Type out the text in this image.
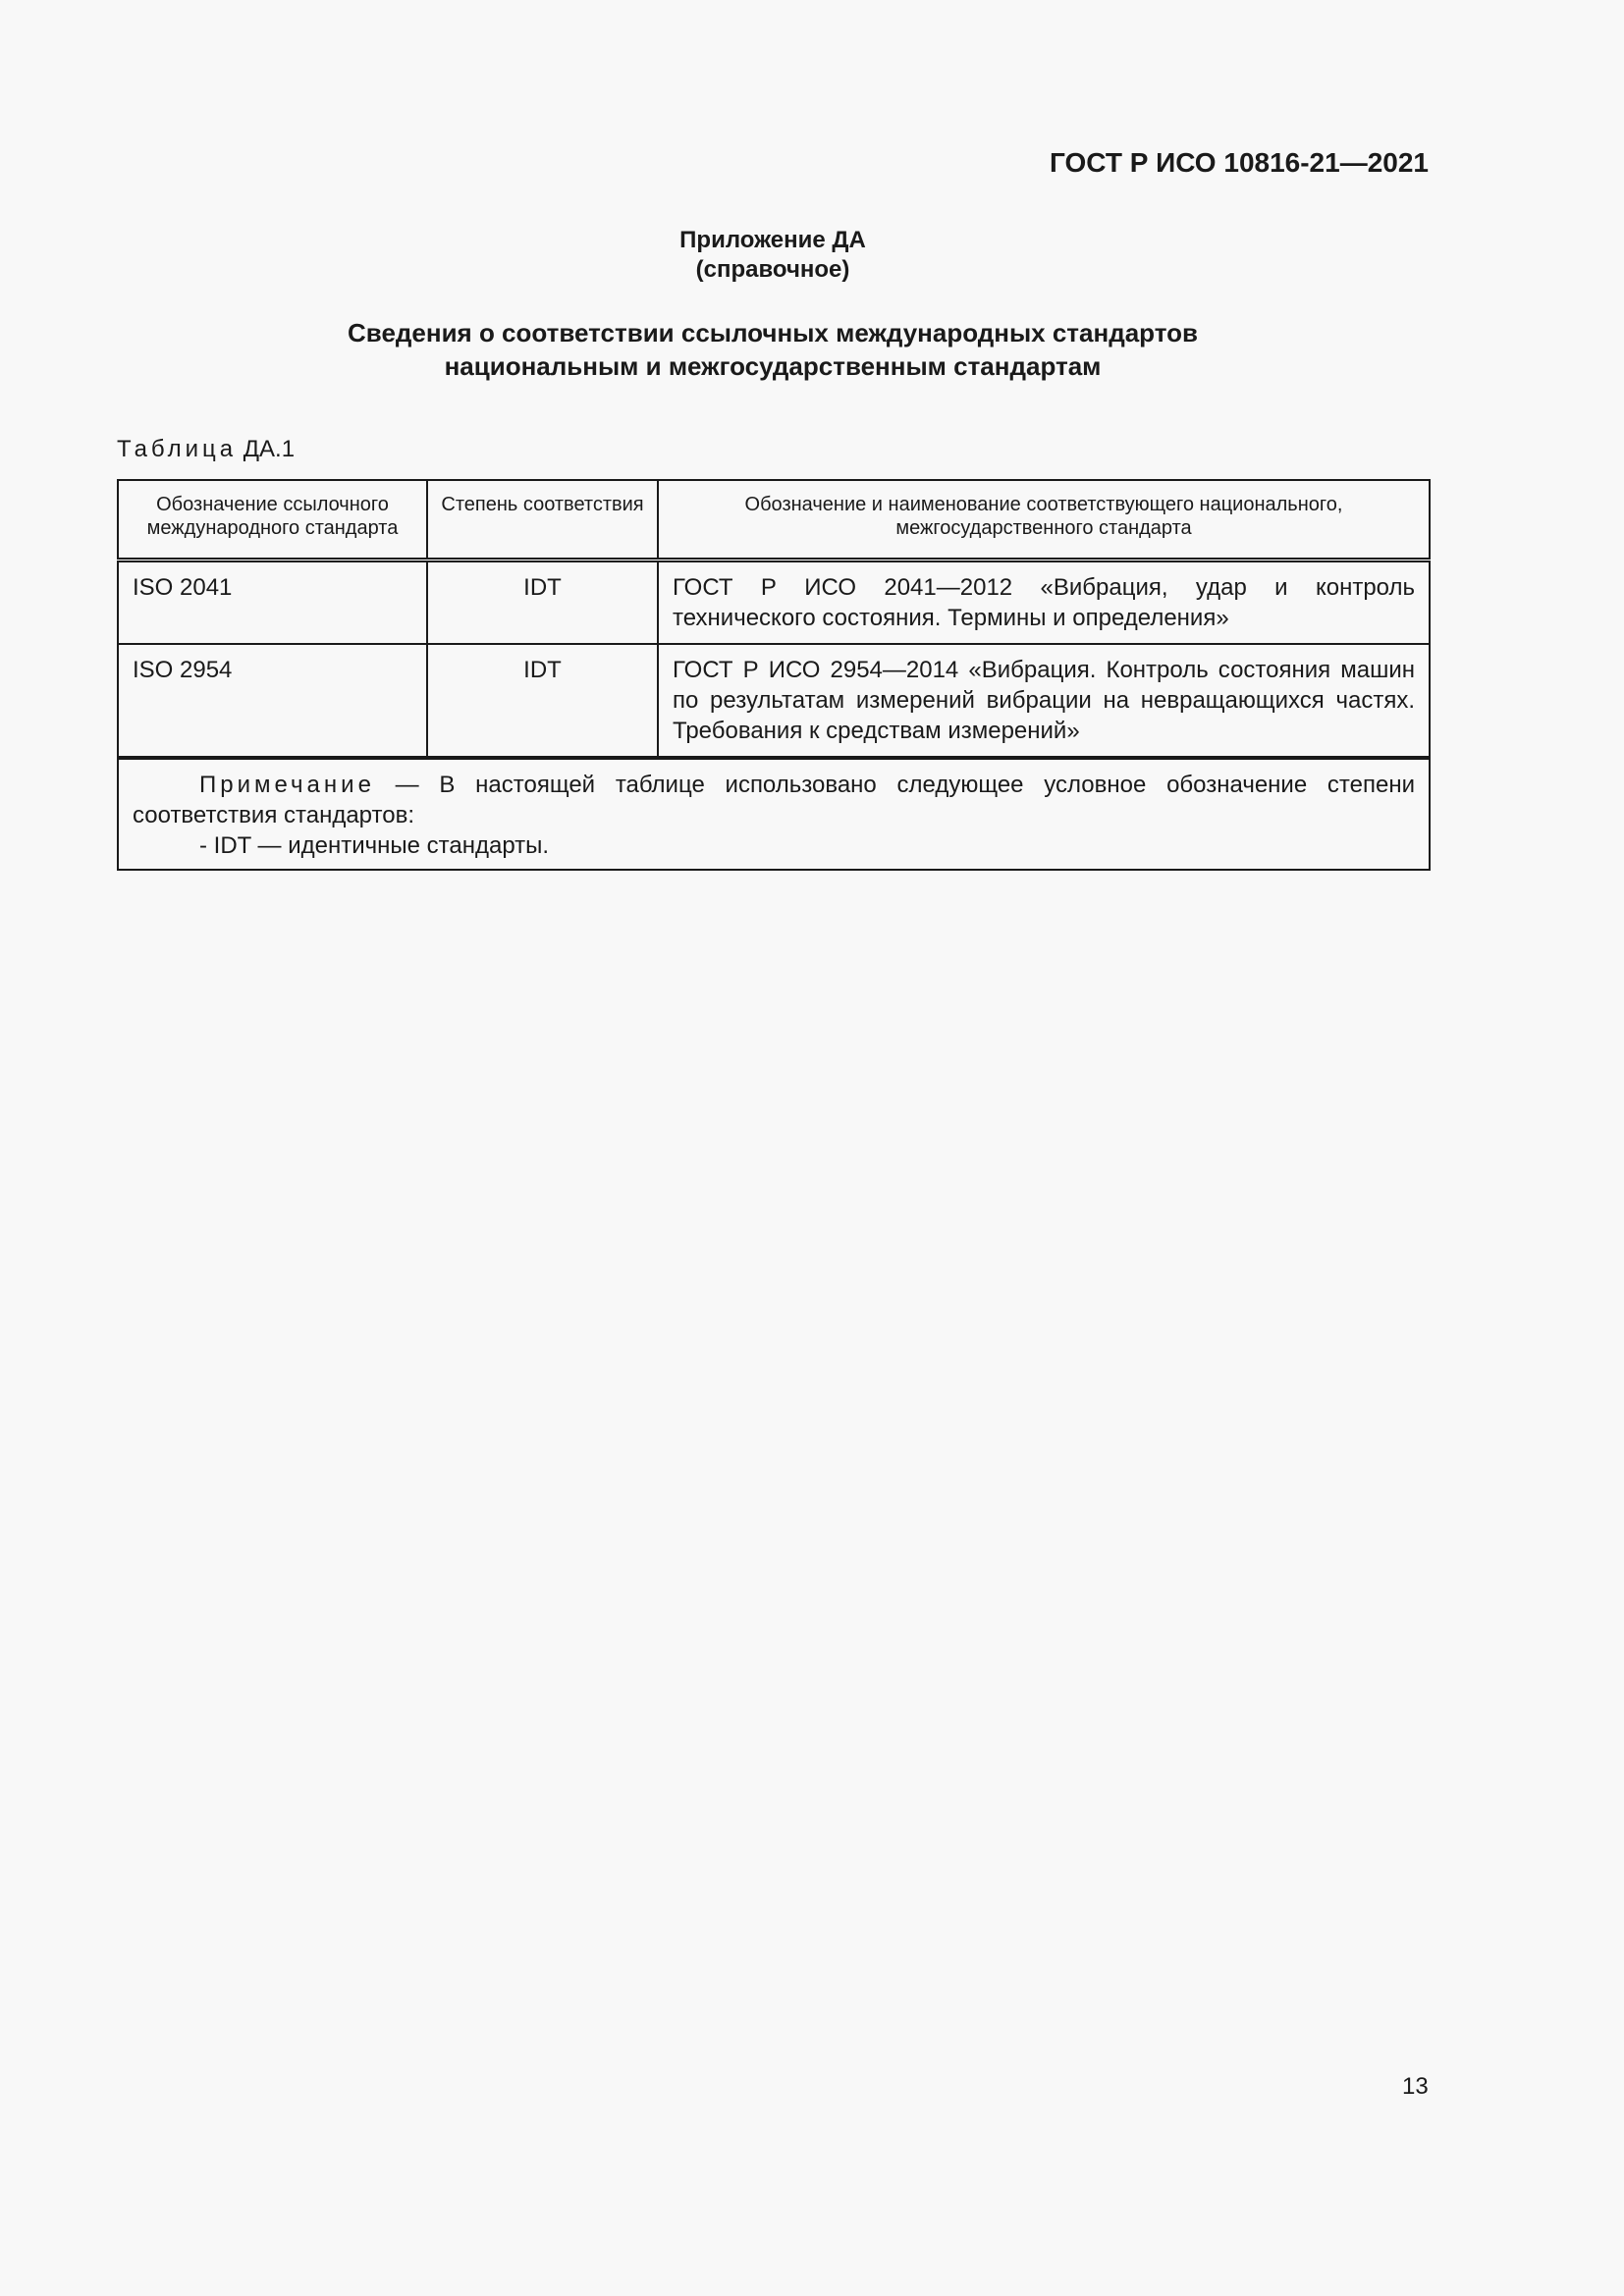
ГОСТ Р ИСО 10816-21—2021
Приложение ДА
(справочное)
Сведения о соответствии ссылочных международных стандартов
национальным и межгосударственным стандартам
Таблица ДА.1
Обозначение ссылочного международного стандарта	Степень соответствия	Обозначение и наименование соответствующего национального, межгосударственного стандарта
ISO 2041	IDT	ГОСТ Р ИСО 2041—2012 «Вибрация, удар и контроль технического состояния. Термины и определения»
ISO 2954	IDT	ГОСТ Р ИСО 2954—2014 «Вибрация. Контроль состояния машин по результатам измерений вибрации на невращающихся частях. Требования к средствам измерений»

Примечание — В настоящей таблице использовано следующее условное обозначение степени соответствия стандартов:
- IDT — идентичные стандарты.		
13
